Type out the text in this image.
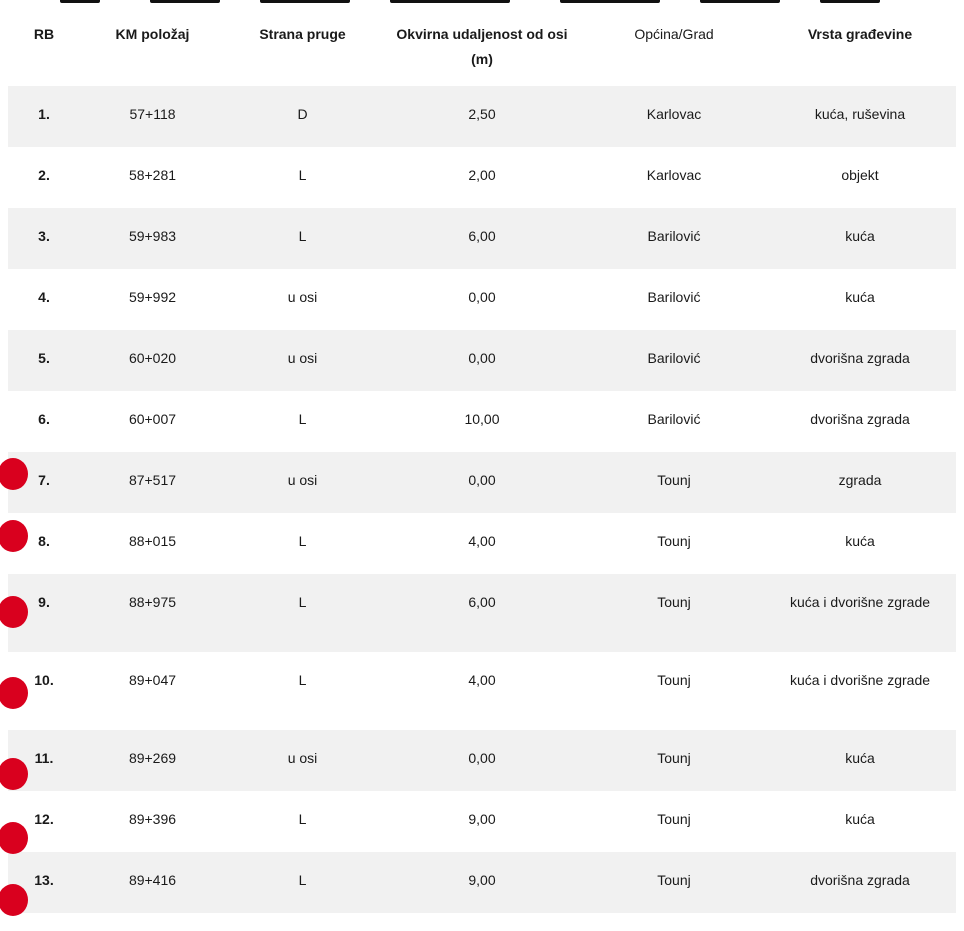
RB	KM položaj	Strana pruge	Okvirna udaljenost od osi (m)	Općina/Grad	Vrsta građevine
1.	57+118	D	2,50	Karlovac	kuća, ruševina
2.	58+281	L	2,00	Karlovac	objekt
3.	59+983	L	6,00	Barilović	kuća
4.	59+992	u osi	0,00	Barilović	kuća
5.	60+020	u osi	0,00	Barilović	dvorišna zgrada
6.	60+007	L	10,00	Barilović	dvorišna zgrada
7.	87+517	u osi	0,00	Tounj	zgrada
8.	88+015	L	4,00	Tounj	kuća
9.	88+975	L	6,00	Tounj	kuća i dvorišne zgrade
10.	89+047	L	4,00	Tounj	kuća i dvorišne zgrade
11.	89+269	u osi	0,00	Tounj	kuća
12.	89+396	L	9,00	Tounj	kuća
13.	89+416	L	9,00	Tounj	dvorišna zgrada
